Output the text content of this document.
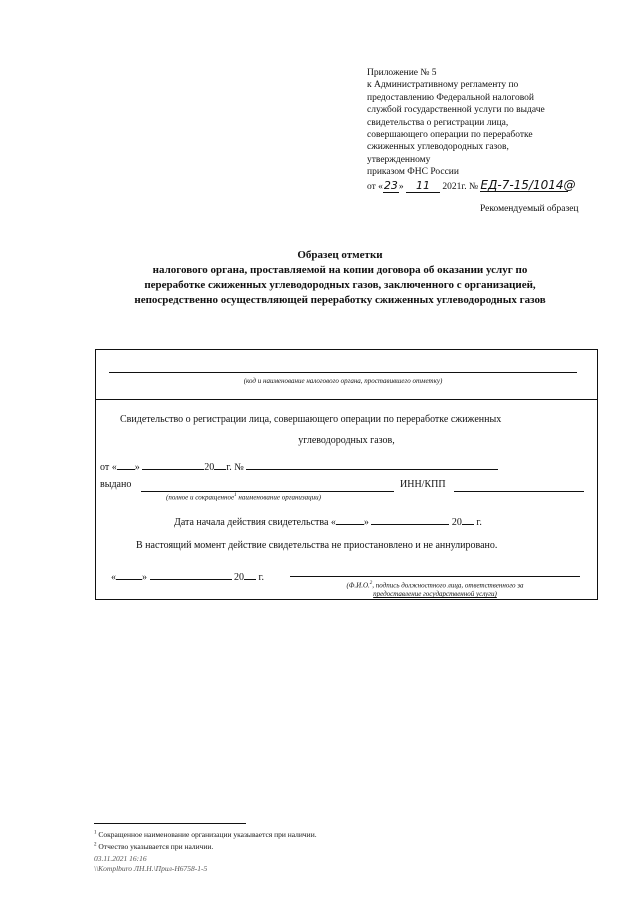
Приложение № 5
к Административному регламенту по
предоставлению Федеральной налоговой
службой государственной услуги по выдаче
свидетельства о регистрации лица,
совершающего операции по переработке
сжиженных углеводородных газов,
утвержденному
приказом ФНС России
от «23» 11 2021г. № ЕД-7-15/1014@
Рекомендуемый образец
Образец отметки
налогового органа, проставляемой на копии договора об оказании услуг по
переработке сжиженных углеводородных газов, заключенного с организацией,
непосредственно осуществляющей переработку сжиженных углеводородных газов
(код и наименование налогового органа, проставившего отметку)
Свидетельство о регистрации лица, совершающего операции по переработке сжиженных
углеводородных газов,
от « »	20 г. №
выдано	ИНН/КПП
(полное и сокращенное$^1$ наименование организации)
Дата начала действия свидетельства «	»	20 г.
В настоящий момент действие свидетельства не приостановлено и не аннулировано.
«	»	20 г.
(Ф.И.О.$^2$, подпись должностного лица, ответственного за
предоставление государственной услуги)
$^1$ Сокращенное наименование организации указывается при наличии.
$^2$ Отчество указывается при наличии.
03.11.2021 16:16
\\Komplburo ЛН.Н.\Прил-Н6758-1-5
